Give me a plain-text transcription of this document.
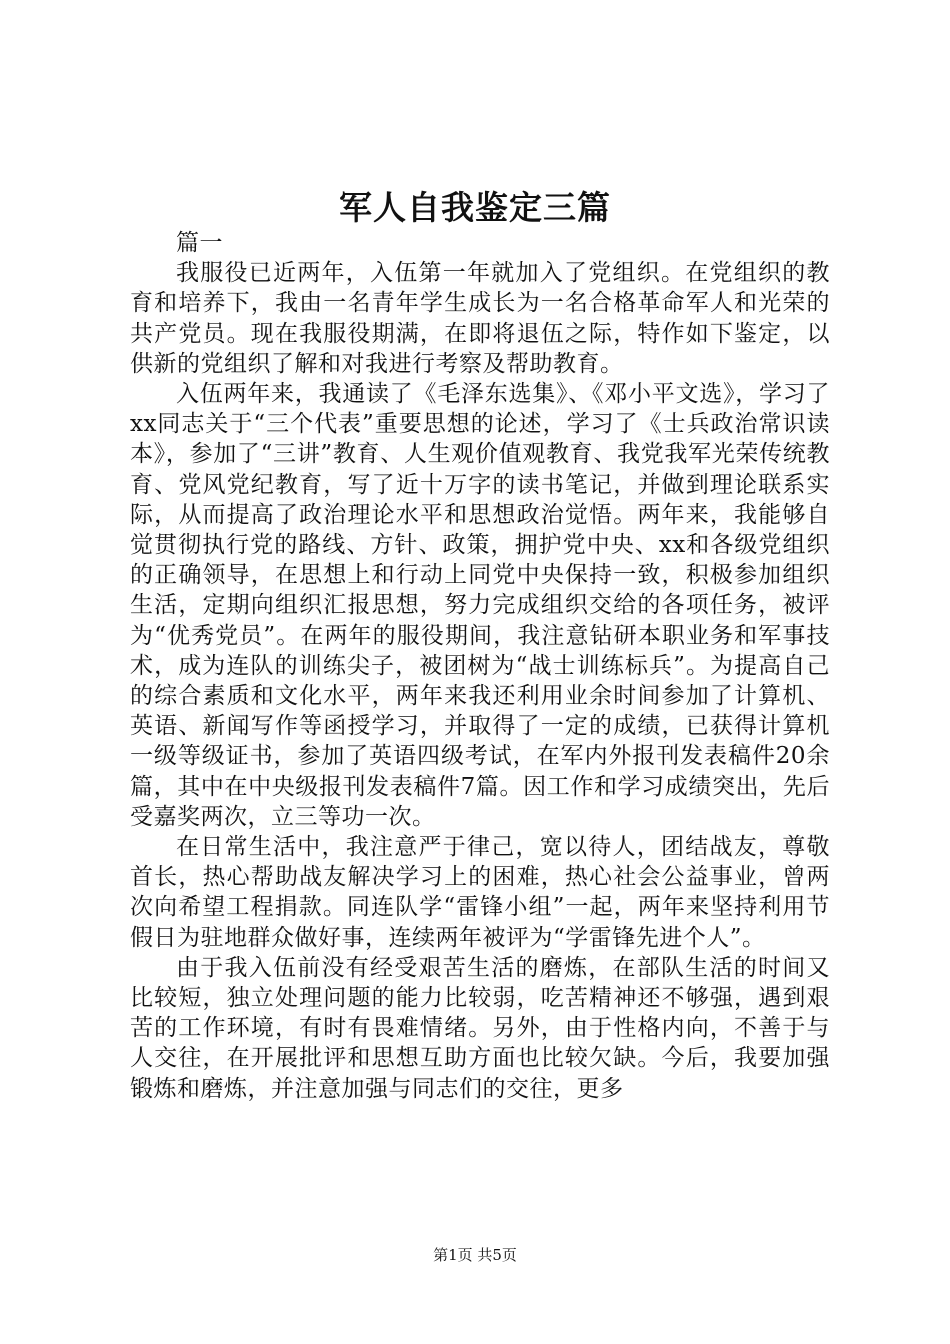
军人自我鉴定三篇

篇一

我服役已近两年，入伍第一年就加入了党组织。在党组织的教育和培养下，我由一名青年学生成长为一名合格革命军人和光荣的共产党员。现在我服役期满，在即将退伍之际，特作如下鉴定，以供新的党组织了解和对我进行考察及帮助教育。

入伍两年来，我通读了《毛泽东选集》、《邓小平文选》，学习了xx同志关于“三个代表”重要思想的论述，学习了《士兵政治常识读本》，参加了“三讲”教育、人生观价值观教育、我党我军光荣传统教育、党风党纪教育，写了近十万字的读书笔记，并做到理论联系实际，从而提高了政治理论水平和思想政治觉悟。两年来，我能够自觉贯彻执行党的路线、方针、政策，拥护党中央、xx和各级党组织的正确领导，在思想上和行动上同党中央保持一致，积极参加组织生活，定期向组织汇报思想，努力完成组织交给的各项任务，被评为“优秀党员”。在两年的服役期间，我注意钻研本职业务和军事技术，成为连队的训练尖子，被团树为“战士训练标兵”。为提高自己的综合素质和文化水平，两年来我还利用业余时间参加了计算机、英语、新闻写作等函授学习，并取得了一定的成绩，已获得计算机一级等级证书，参加了英语四级考试，在军内外报刊发表稿件20余篇，其中在中央级报刊发表稿件7篇。因工作和学习成绩突出，先后受嘉奖两次，立三等功一次。

在日常生活中，我注意严于律己，宽以待人，团结战友，尊敬首长，热心帮助战友解决学习上的困难，热心社会公益事业，曾两次向希望工程捐款。同连队学“雷锋小组”一起，两年来坚持利用节假日为驻地群众做好事，连续两年被评为“学雷锋先进个人”。

由于我入伍前没有经受艰苦生活的磨炼，在部队生活的时间又比较短，独立处理问题的能力比较弱，吃苦精神还不够强，遇到艰苦的工作环境，有时有畏难情绪。另外，由于性格内向，不善于与人交往，在开展批评和思想互助方面也比较欠缺。今后，我要加强锻炼和磨炼，并注意加强与同志们的交往，更多

第1页 共5页
